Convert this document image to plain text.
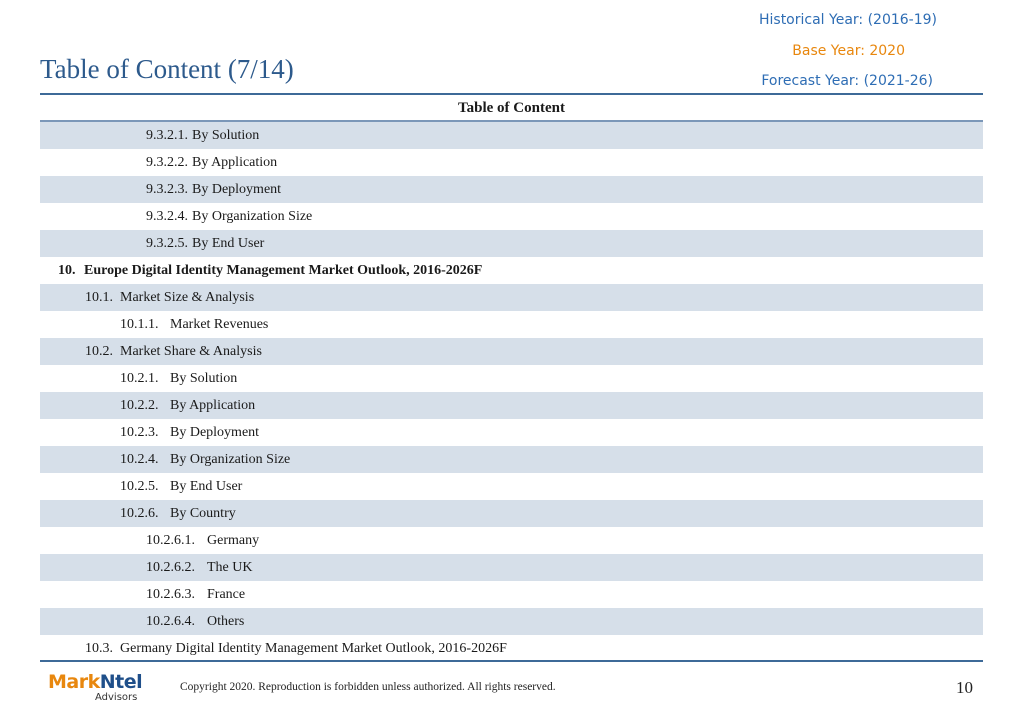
Historical Year: (2016-19)
Base Year: 2020
Forecast Year: (2021-26)
Table of Content (7/14)
Table of Content
9.3.2.1. By Solution
9.3.2.2. By Application
9.3.2.3. By Deployment
9.3.2.4. By Organization Size
9.3.2.5. By End User
10. Europe Digital Identity Management Market Outlook, 2016-2026F
10.1. Market Size & Analysis
10.1.1. Market Revenues
10.2. Market Share & Analysis
10.2.1. By Solution
10.2.2. By Application
10.2.3. By Deployment
10.2.4. By Organization Size
10.2.5. By End User
10.2.6. By Country
10.2.6.1. Germany
10.2.6.2. The UK
10.2.6.3. France
10.2.6.4. Others
10.3. Germany Digital Identity Management Market Outlook, 2016-2026F
MarkNtel
Advisors
Copyright 2020. Reproduction is forbidden unless authorized. All rights reserved.	10
